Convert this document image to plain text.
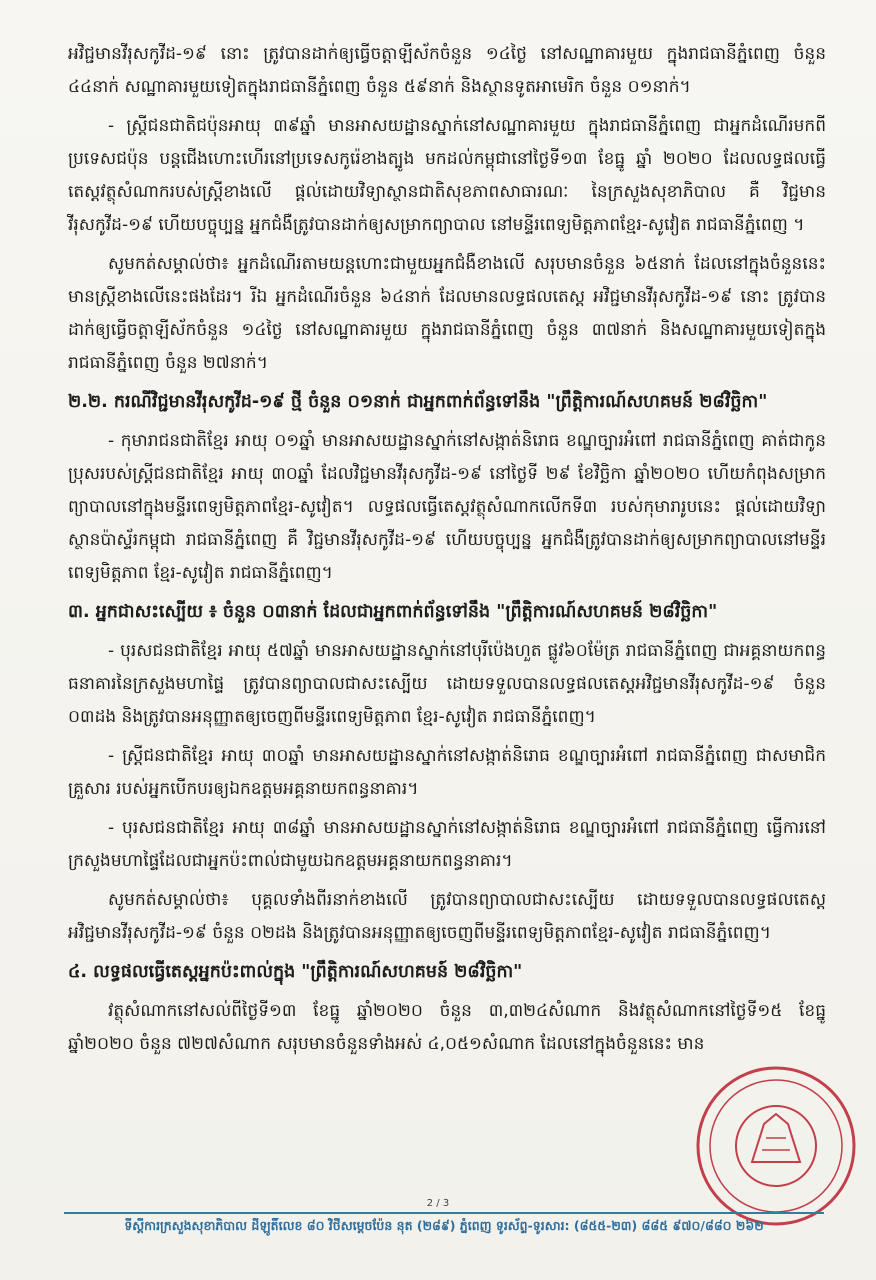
អវិជ្ជមានវីរុសកូវីដ-១៩ នោះ ត្រូវបានដាក់ឲ្យធ្វើចត្តាឡីស័កចំនួន ១៤ថ្ងៃ នៅសណ្ឋាគារមួយ ក្នុងរាជធានីភ្នំពេញ ចំនួន ៤៤នាក់ សណ្ឋាគារមួយទៀតក្នុងរាជធានីភ្នំពេញ ចំនួន ៥៩នាក់ និងស្ថានទូតអាមេរិក ចំនួន ០១នាក់។

- ស្ត្រីជនជាតិជប៉ុនអាយុ ៣៩ឆ្នាំ មានអាសយដ្ឋានស្នាក់នៅសណ្ឋាគារមួយ ក្នុងរាជធានីភ្នំពេញ ជាអ្នកដំណើរមកពីប្រទេសជប៉ុន បន្តជើងហោះហើរនៅប្រទេសកូរ៉េខាងត្បូង មកដល់កម្ពុជានៅថ្ងៃទី១៣ ខែធ្នូ ឆ្នាំ ២០២០ ដែលលទ្ធផលធ្វើតេស្តវត្ថុសំណាករបស់ស្ត្រីខាងលើ ផ្តល់ដោយវិទ្យាស្ថានជាតិសុខភាពសាធារណៈ នៃក្រសួងសុខាភិបាល គឺ វិជ្ជមានវីរុសកូវីដ-១៩ ហើយបច្ចុប្បន្ន អ្នកជំងឺត្រូវបានដាក់ឲ្យសម្រាកព្យាបាល នៅមន្ទីរពេទ្យមិត្តភាពខ្មែរ-សូវៀត រាជធានីភ្នំពេញ ។

សូមកត់សម្គាល់ថា៖ អ្នកដំណើរតាមយន្តហោះជាមួយអ្នកជំងឺខាងលើ សរុបមានចំនួន ៦៥នាក់ ដែលនៅក្នុងចំនួននេះ មានស្ត្រីខាងលើនេះផងដែរ។ រីឯ អ្នកដំណើរចំនួន ៦៤នាក់ ដែលមានលទ្ធផលតេស្ត អវិជ្ជមានវីរុសកូវីដ-១៩ នោះ ត្រូវបានដាក់ឲ្យធ្វើចត្តាឡីស័កចំនួន ១៤ថ្ងៃ នៅសណ្ឋាគារមួយ ក្នុងរាជធានីភ្នំពេញ ចំនួន ៣៧នាក់ និងសណ្ឋាគារមួយទៀតក្នុងរាជធានីភ្នំពេញ ចំនួន ២៧នាក់។

២.២. ករណីវិជ្ជមានវីរុសកូវីដ-១៩ ថ្មី ចំនួន ០១នាក់ ជាអ្នកពាក់ព័ន្ធទៅនឹង "ព្រឹត្តិការណ៍សហគមន៍ ២៨វិច្ឆិកា"

- កុមារាជនជាតិខ្មែរ អាយុ ០១ឆ្នាំ មានអាសយដ្ឋានស្នាក់នៅសង្កាត់និរោធ ខណ្ឌច្បារអំពៅ រាជធានីភ្នំពេញ គាត់ជាកូនប្រុសរបស់ស្ត្រីជនជាតិខ្មែរ អាយុ ៣០ឆ្នាំ ដែលវិជ្ជមានវីរុសកូវីដ-១៩ នៅថ្ងៃទី ២៩ ខែវិច្ឆិកា ឆ្នាំ២០២០ ហើយកំពុងសម្រាកព្យាបាលនៅក្នុងមន្ទីរពេទ្យមិត្តភាពខ្មែរ-សូវៀត។ លទ្ធផលធ្វើតេស្តវត្ថុសំណាកលើកទី៣ របស់កុមារារូបនេះ ផ្តល់ដោយវិទ្យាស្ថានប៉ាស្ទ័រកម្ពុជា រាជធានីភ្នំពេញ គឺ វិជ្ជមានវីរុសកូវីដ-១៩ ហើយបច្ចុប្បន្ន អ្នកជំងឺត្រូវបានដាក់ឲ្យសម្រាកព្យាបាលនៅមន្ទីរពេទ្យមិត្តភាព ខ្មែរ-សូវៀត រាជធានីភ្នំពេញ។

៣. អ្នកជាសះស្បើយ ៖ ចំនួន ០៣នាក់ ដែលជាអ្នកពាក់ព័ន្ធទៅនឹង "ព្រឹត្តិការណ៍សហគមន៍ ២៨វិច្ឆិកា"

- បុរសជនជាតិខ្មែរ អាយុ ៥៧ឆ្នាំ មានអាសយដ្ឋានស្នាក់នៅបុរីប៉េងហួត ផ្លូវ៦០ម៉ែត្រ រាជធានីភ្នំពេញ ជាអគ្គនាយកពន្ធធនាគារនៃក្រសួងមហាផ្ទៃ ត្រូវបានព្យាបាលជាសះស្បើយ ដោយទទួលបានលទ្ធផលតេស្តអវិជ្ជមានវីរុសកូវីដ-១៩ ចំនួន ០៣ដង និងត្រូវបានអនុញ្ញាតឲ្យចេញពីមន្ទីរពេទ្យមិត្តភាព ខ្មែរ-សូវៀត រាជធានីភ្នំពេញ។

- ស្ត្រីជនជាតិខ្មែរ អាយុ ៣០ឆ្នាំ មានអាសយដ្ឋានស្នាក់នៅសង្កាត់និរោធ ខណ្ឌច្បារអំពៅ រាជធានីភ្នំពេញ ជាសមាជិកគ្រួសារ របស់អ្នកបើកបរឲ្យឯកឧត្តមអគ្គនាយកពន្ធនាគារ។

- បុរសជនជាតិខ្មែរ អាយុ ៣៨ឆ្នាំ មានអាសយដ្ឋានស្នាក់នៅសង្កាត់និរោធ ខណ្ឌច្បារអំពៅ រាជធានីភ្នំពេញ ធ្វើការនៅក្រសួងមហាផ្ទៃដែលជាអ្នកប៉ះពាល់ជាមួយឯកឧត្តមអគ្គនាយកពន្ធនាគារ។

សូមកត់សម្គាល់ថា៖ បុគ្គលទាំងពីរនាក់ខាងលើ ត្រូវបានព្យាបាលជាសះស្បើយ ដោយទទួលបានលទ្ធផលតេស្តអវិជ្ជមានវីរុសកូវីដ-១៩ ចំនួន ០២ដង និងត្រូវបានអនុញ្ញាតឲ្យចេញពីមន្ទីរពេទ្យមិត្តភាពខ្មែរ-សូវៀត រាជធានីភ្នំពេញ។

៤. លទ្ធផលធ្វើតេស្តអ្នកប៉ះពាល់ក្នុង "ព្រឹត្តិការណ៍សហគមន៍ ២៨វិច្ឆិកា"

វត្ថុសំណាកនៅសល់ពីថ្ងៃទី១៣ ខែធ្នូ ឆ្នាំ២០២០ ចំនួន ៣,៣២៤សំណាក និងវត្ថុសំណាកនៅថ្ងៃទី១៥ ខែធ្នូ ឆ្នាំ២០២០ ចំនួន ៧២៧សំណាក សរុបមានចំនួនទាំងអស់ ៤,០៥១សំណាក ដែលនៅក្នុងចំនួននេះ មាន

2 / 3
ទីស្តីការក្រសួងសុខាភិបាល ដីឡូតិ៍លេខ ៨០ វិថីសម្តេចប៉ែន នុត (២៨៩) ភ្នំពេញ ទូរស័ព្ទ-ទូរសារ: (៨៥៥-២៣) ៨៨៥ ៩៧០/៨៨០ ២៦២
